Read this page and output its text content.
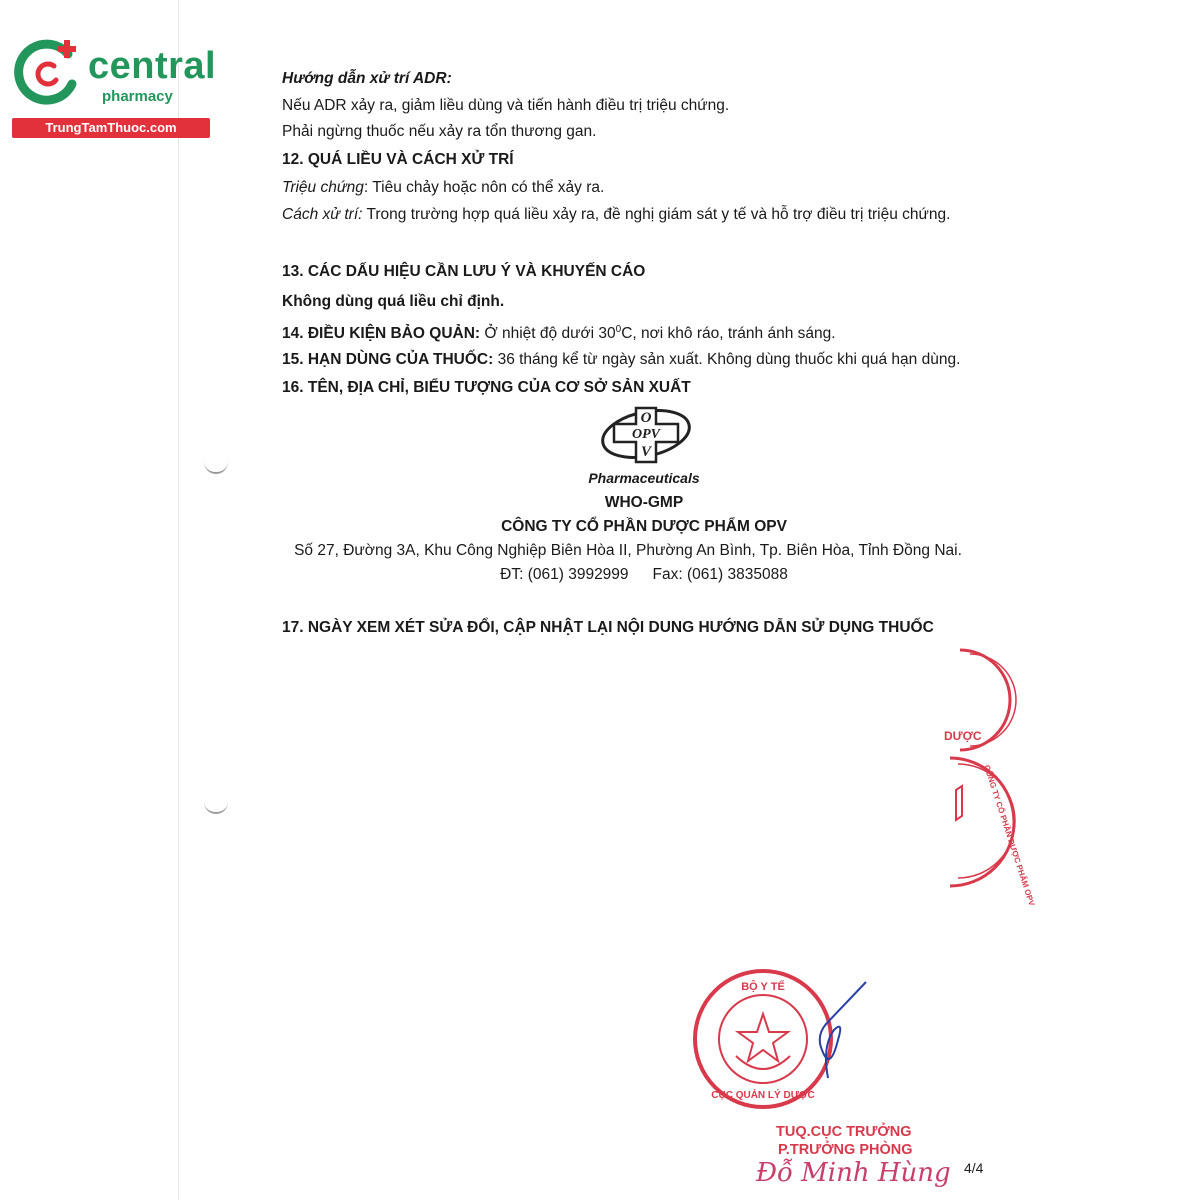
central
pharmacy
TrungTamThuoc.com
Hướng dẫn xử trí ADR:
Nếu ADR xảy ra, giảm liều dùng và tiến hành điều trị triệu chứng.
Phải ngừng thuốc nếu xảy ra tổn thương gan.
12. QUÁ LIỀU VÀ CÁCH XỬ TRÍ
Triệu chứng: Tiêu chảy hoặc nôn có thể xảy ra.
Cách xử trí: Trong trường hợp quá liều xảy ra, đề nghị giám sát y tế và hỗ trợ điều trị triệu chứng.
13. CÁC DẤU HIỆU CẦN LƯU Ý VÀ KHUYẾN CÁO
Không dùng quá liều chỉ định.
14. ĐIỀU KIỆN BẢO QUẢN: Ở nhiệt độ dưới $30^0C$, nơi khô ráo, tránh ánh sáng.
15. HẠN DÙNG CỦA THUỐC: 36 tháng kể từ ngày sản xuất. Không dùng thuốc khi quá hạn dùng.
16. TÊN, ĐỊA CHỈ, BIỂU TƯỢNG CỦA CƠ SỞ SẢN XUẤT
O
OPV
V
Pharmaceuticals
WHO-GMP
CÔNG TY CỔ PHẦN DƯỢC PHẨM OPV
Số 27, Đường 3A, Khu Công Nghiệp Biên Hòa II, Phường An Bình, Tp. Biên Hòa, Tỉnh Đồng Nai.
ĐT: (061) 3992999 Fax: (061) 3835088
17. NGÀY XEM XÉT SỬA ĐỔI, CẬP NHẬT LẠI NỘI DUNG HƯỚNG DẪN SỬ DỤNG THUỐC
DƯỢC
CÔNG TY CỔ PHẦN DƯỢC PHẨM OPV
BỘ Y TẾ
CỤC QUẢN LÝ DƯỢC
TUQ.CỤC TRƯỞNG
P.TRƯỞNG PHÒNG
Đỗ Minh Hùng 4/4
